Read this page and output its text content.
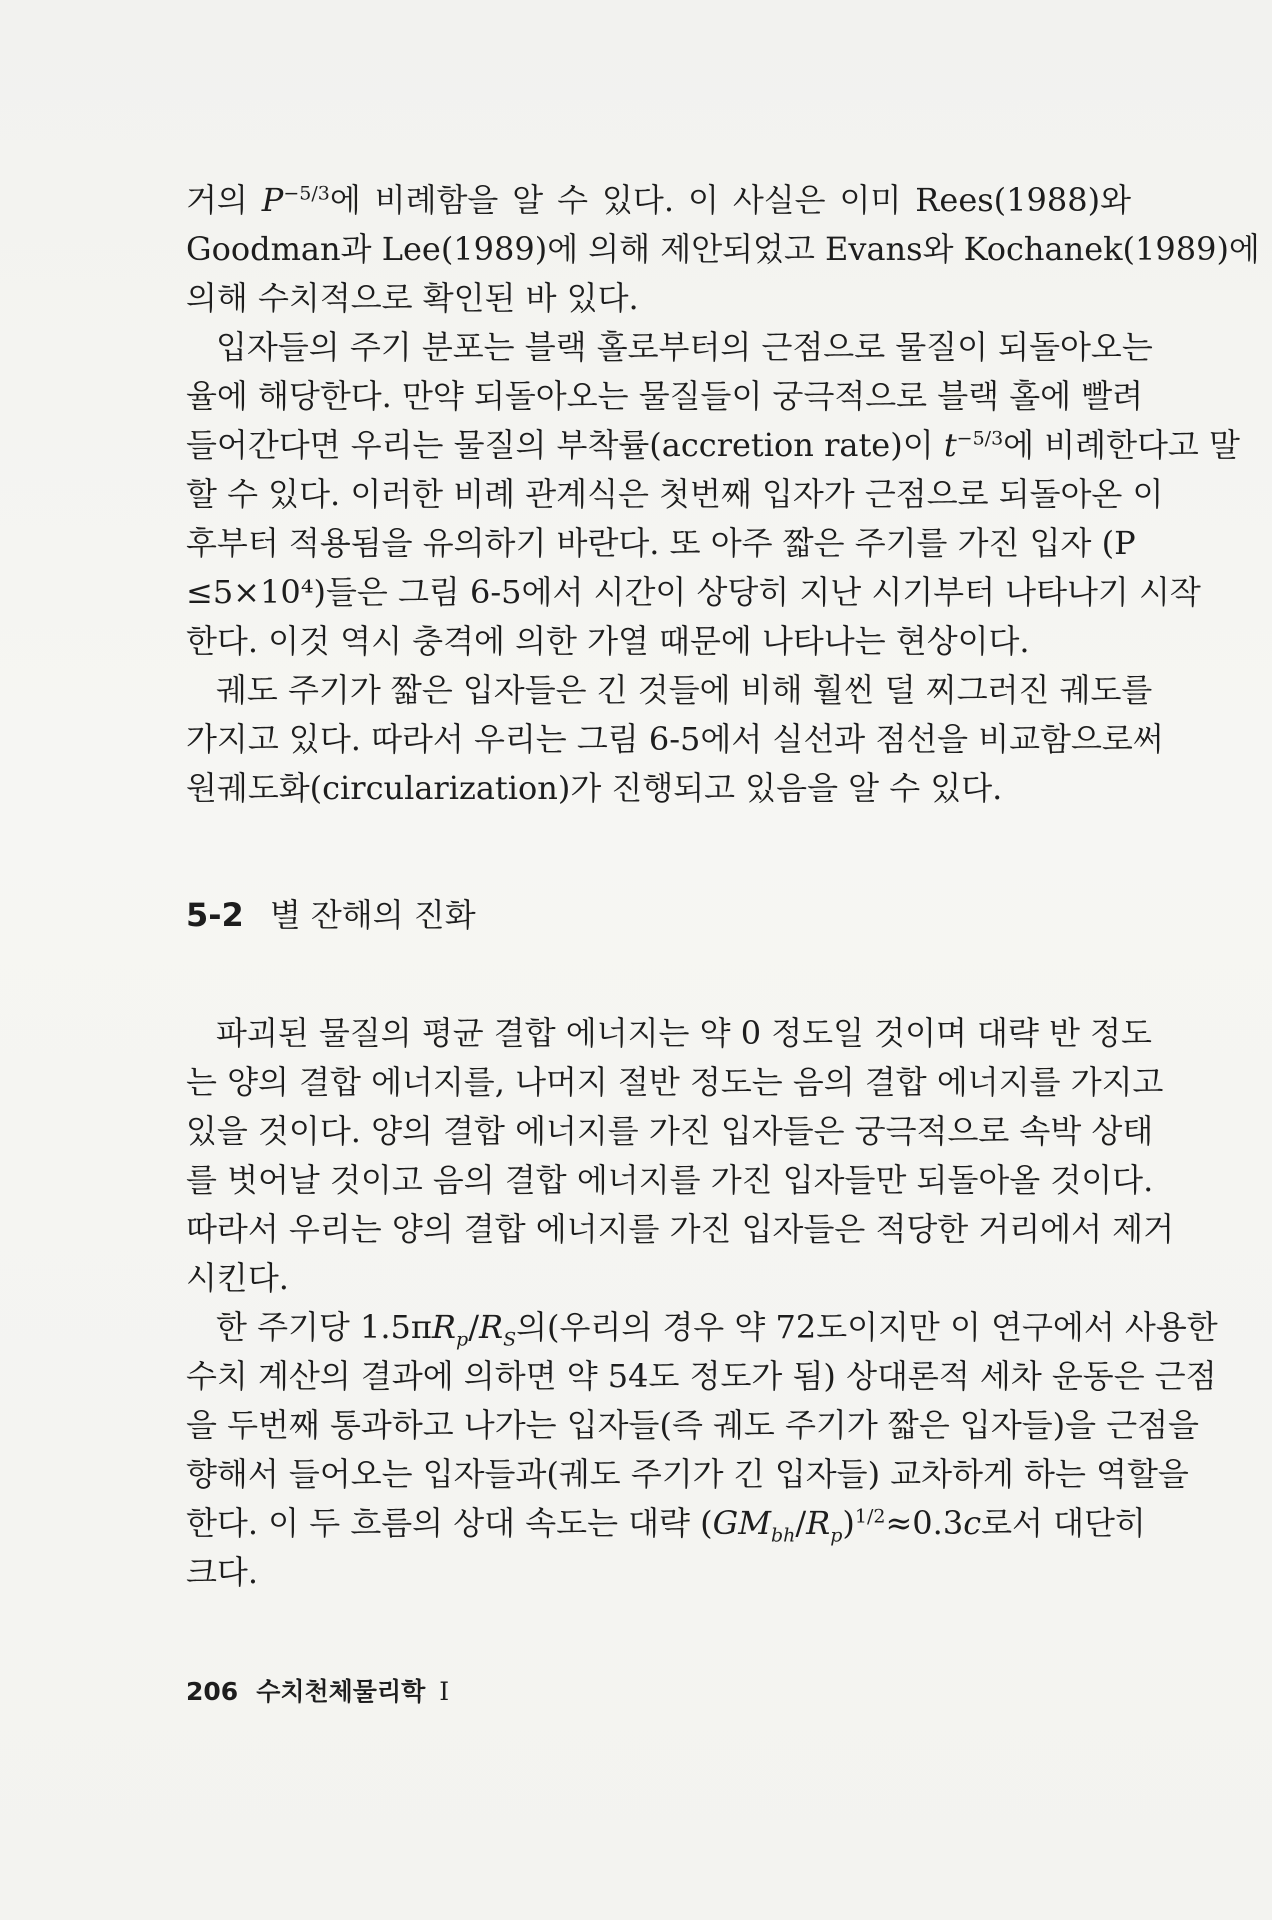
거의 $P^{-5/3}$에 비례함을 알 수 있다. 이 사실은 이미 Rees(1988)와
Goodman과 Lee(1989)에 의해 제안되었고 Evans와 Kochanek(1989)에
의해 수치적으로 확인된 바 있다.
입자들의 주기 분포는 블랙 홀로부터의 근점으로 물질이 되돌아오는
율에 해당한다. 만약 되돌아오는 물질들이 궁극적으로 블랙 홀에 빨려
들어간다면 우리는 물질의 부착률(accretion rate)이 $t^{-5/3}$에 비례한다고 말
할 수 있다. 이러한 비례 관계식은 첫번째 입자가 근점으로 되돌아온 이
후부터 적용됨을 유의하기 바란다. 또 아주 짧은 주기를 가진 입자 (P
≤5×10⁴)들은 그림 6-5에서 시간이 상당히 지난 시기부터 나타나기 시작
한다. 이것 역시 충격에 의한 가열 때문에 나타나는 현상이다.
궤도 주기가 짧은 입자들은 긴 것들에 비해 훨씬 덜 찌그러진 궤도를
가지고 있다. 따라서 우리는 그림 6-5에서 실선과 점선을 비교함으로써
원궤도화(circularization)가 진행되고 있음을 알 수 있다.
5-2 별 잔해의 진화
파괴된 물질의 평균 결합 에너지는 약 0 정도일 것이며 대략 반 정도
는 양의 결합 에너지를, 나머지 절반 정도는 음의 결합 에너지를 가지고
있을 것이다. 양의 결합 에너지를 가진 입자들은 궁극적으로 속박 상태
를 벗어날 것이고 음의 결합 에너지를 가진 입자들만 되돌아올 것이다.
따라서 우리는 양의 결합 에너지를 가진 입자들은 적당한 거리에서 제거
시킨다.
한 주기당 $1.5\pi R_p/R_S$의(우리의 경우 약 72도이지만 이 연구에서 사용한
수치 계산의 결과에 의하면 약 54도 정도가 됨) 상대론적 세차 운동은 근점
을 두번째 통과하고 나가는 입자들(즉 궤도 주기가 짧은 입자들)을 근점을
향해서 들어오는 입자들과(궤도 주기가 긴 입자들) 교차하게 하는 역할을
한다. 이 두 흐름의 상대 속도는 대략 $(GM_{bh}/R_p)^{1/2}\approx 0.3c$로서 대단히
크다.
206 수치천체물리학 I
